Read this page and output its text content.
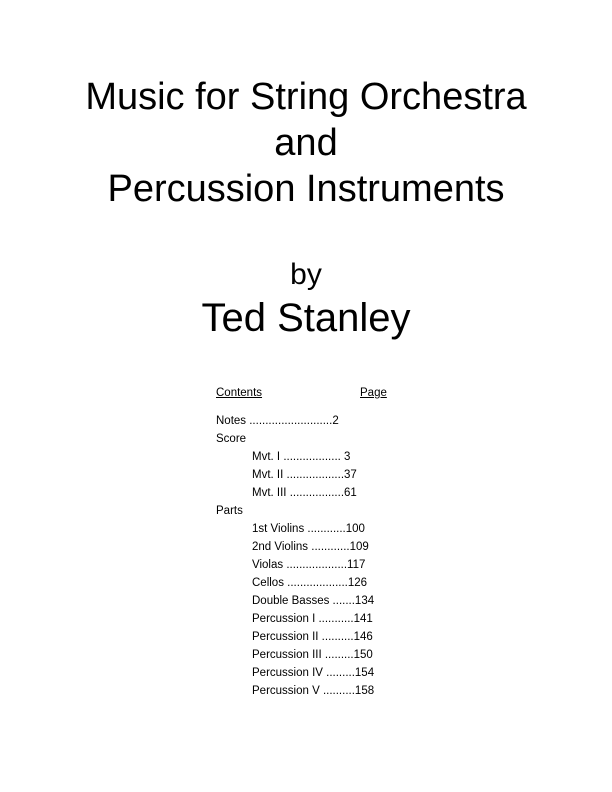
Music for String Orchestra
and
Percussion Instruments
by
Ted Stanley
Contents	Page
Notes ..........................2
Score
Mvt. I .................. 3
Mvt. II ..................37
Mvt. III .................61
Parts
1st Violins ............100
2nd Violins ............109
Violas ...................117
Cellos ...................126
Double Basses .......134
Percussion I ...........141
Percussion II ..........146
Percussion III .........150
Percussion IV .........154
Percussion V ..........158
